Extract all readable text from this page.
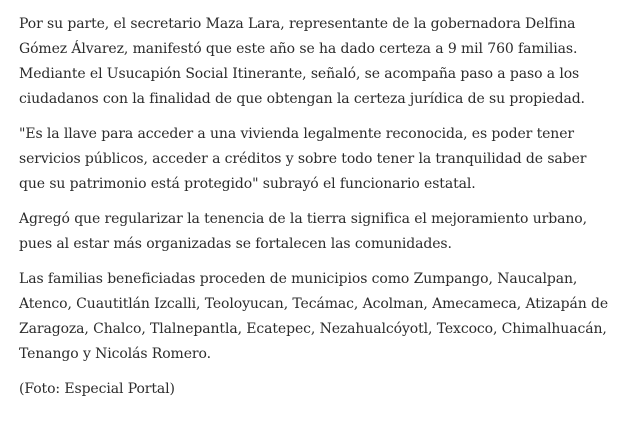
Por su parte, el secretario Maza Lara, representante de la gobernadora Delfina Gómez Álvarez, manifestó que este año se ha dado certeza a 9 mil 760 familias. Mediante el Usucapión Social Itinerante, señaló, se acompaña paso a paso a los ciudadanos con la finalidad de que obtengan la certeza jurídica de su propiedad.

"Es la llave para acceder a una vivienda legalmente reconocida, es poder tener servicios públicos, acceder a créditos y sobre todo tener la tranquilidad de saber que su patrimonio está protegido" subrayó el funcionario estatal.

Agregó que regularizar la tenencia de la tierra significa el mejoramiento urbano, pues al estar más organizadas se fortalecen las comunidades.

Las familias beneficiadas proceden de municipios como Zumpango, Naucalpan, Atenco, Cuautitlán Izcalli, Teoloyucan, Tecámac, Acolman, Amecameca, Atizapán de Zaragoza, Chalco, Tlalnepantla, Ecatepec, Nezahualcóyotl, Texcoco, Chimalhuacán, Tenango y Nicolás Romero.

(Foto: Especial Portal)
